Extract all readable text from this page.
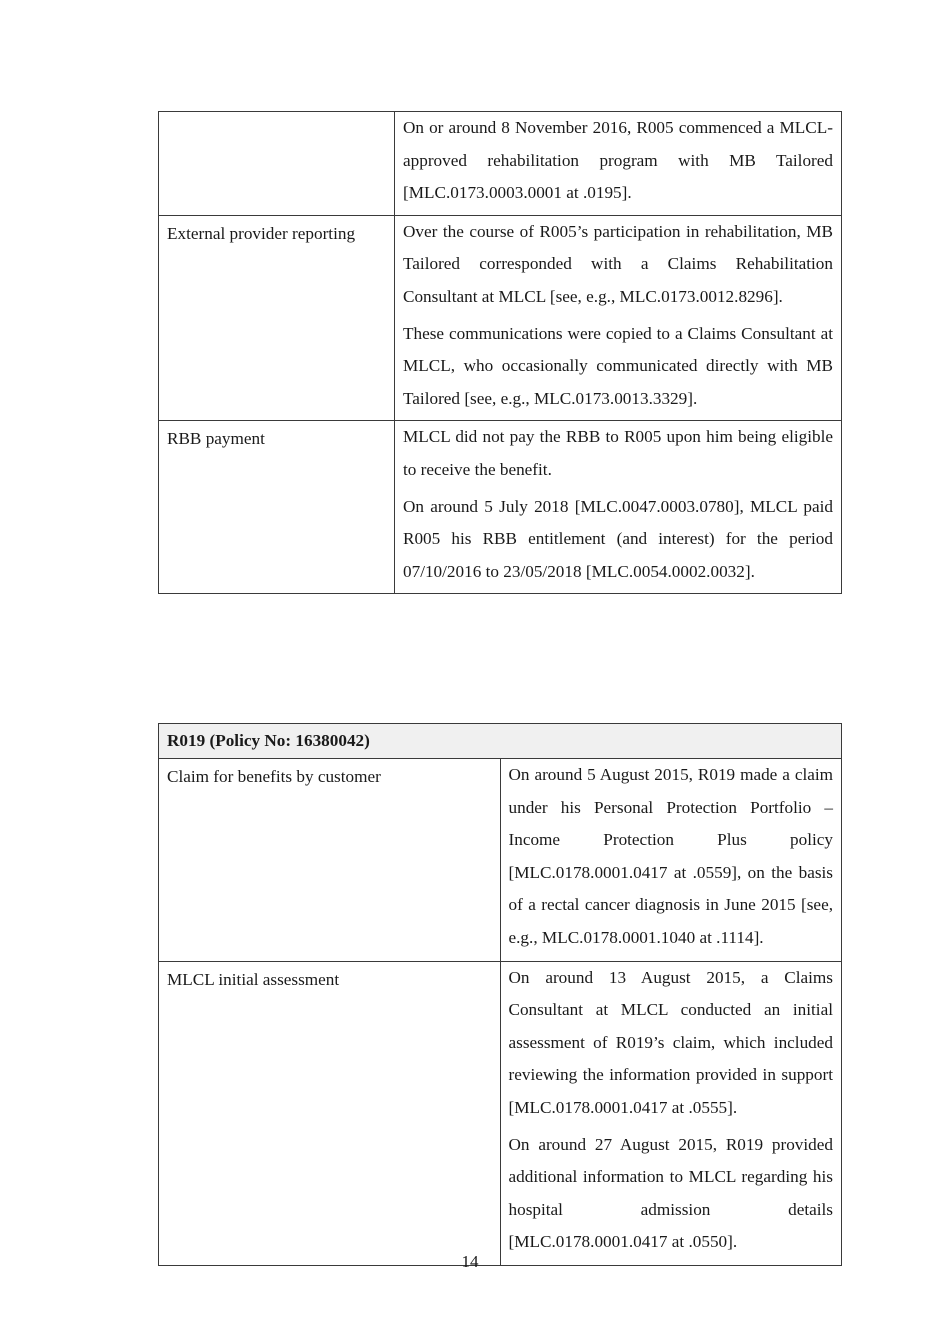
	On or around 8 November 2016, R005 commenced a MLCL-approved rehabilitation program with MB Tailored [MLC.0173.0003.0001 at .0195].

External provider reporting	Over the course of R005’s participation in rehabilitation, MB Tailored corresponded with a Claims Rehabilitation Consultant at MLCL [see, e.g., MLC.0173.0012.8296].
These communications were copied to a Claims Consultant at MLCL, who occasionally communicated directly with MB Tailored [see, e.g., MLC.0173.0013.3329].

RBB payment	MLCL did not pay the RBB to R005 upon him being eligible to receive the benefit.
On around 5 July 2018 [MLC.0047.0003.0780], MLCL paid R005 his RBB entitlement (and interest) for the period 07/10/2016 to 23/05/2018 [MLC.0054.0002.0032].
R019 (Policy No: 16380042)	
Claim for benefits by customer	On around 5 August 2015, R019 made a claim under his Personal Protection Portfolio – Income Protection Plus policy [MLC.0178.0001.0417 at .0559], on the basis of a rectal cancer diagnosis in June 2015 [see, e.g., MLC.0178.0001.1040 at .1114].

MLCL initial assessment	On around 13 August 2015, a Claims Consultant at MLCL conducted an initial assessment of R019’s claim, which included reviewing the information provided in support [MLC.0178.0001.0417 at .0555].
On around 27 August 2015, R019 provided additional information to MLCL regarding his hospital admission details [MLC.0178.0001.0417 at .0550].
14
